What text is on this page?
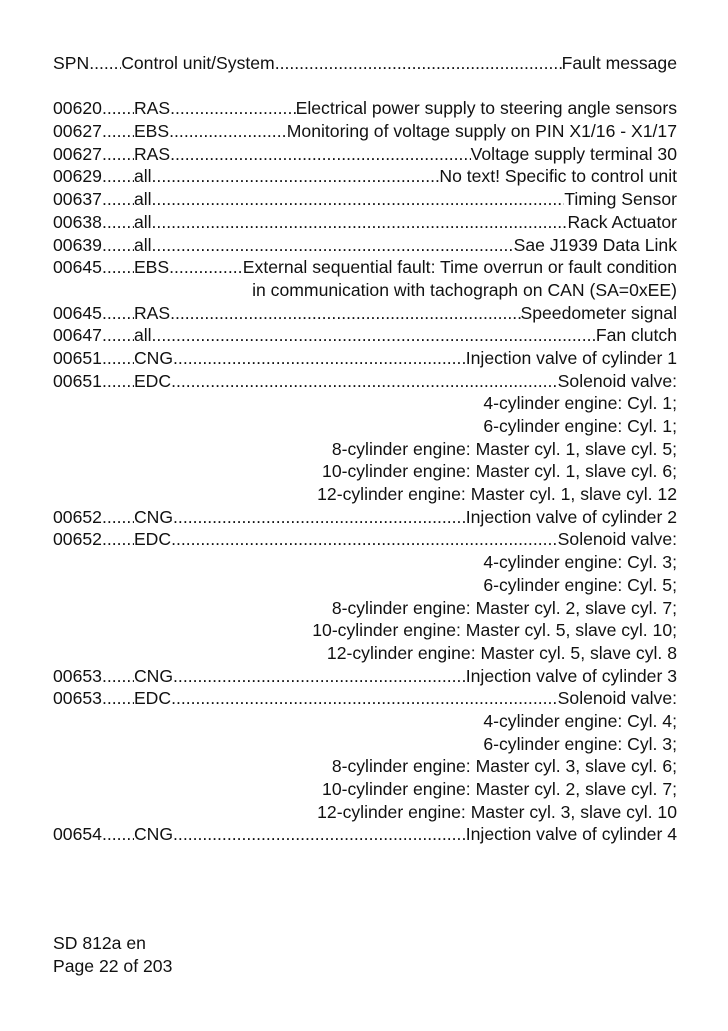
SPN ..... Control unit/System .....	Fault message
00620 ..... RAS .....	Electrical power supply to steering angle sensors
00627 ..... EBS .....	Monitoring of voltage supply on PIN X1/16 - X1/17
00627 ..... RAS .....	Voltage supply terminal 30
00629 ..... all .....	No text! Specific to control unit
00637 ..... all .....	Timing Sensor
00638 ..... all .....	Rack Actuator
00639 ..... all .....	Sae J1939 Data Link
00645 ..... EBS .....	External sequential fault: Time overrun or fault condition
in communication with tachograph on CAN (SA=0xEE)
00645 ..... RAS .....	Speedometer signal
00647 ..... all .....	Fan clutch
00651 ..... CNG .....	Injection valve of cylinder 1
00651 ..... EDC .....	Solenoid valve:
4-cylinder engine: Cyl. 1;
6-cylinder engine: Cyl. 1;
8-cylinder engine: Master cyl. 1, slave cyl. 5;
10-cylinder engine: Master cyl. 1, slave cyl. 6;
12-cylinder engine: Master cyl. 1, slave cyl. 12
00652 ..... CNG .....	Injection valve of cylinder 2
00652 ..... EDC .....	Solenoid valve:
4-cylinder engine: Cyl. 3;
6-cylinder engine: Cyl. 5;
8-cylinder engine: Master cyl. 2, slave cyl. 7;
10-cylinder engine: Master cyl. 5, slave cyl. 10;
12-cylinder engine: Master cyl. 5, slave cyl. 8
00653 ..... CNG .....	Injection valve of cylinder 3
00653 ..... EDC .....	Solenoid valve:
4-cylinder engine: Cyl. 4;
6-cylinder engine: Cyl. 3;
8-cylinder engine: Master cyl. 3, slave cyl. 6;
10-cylinder engine: Master cyl. 2, slave cyl. 7;
12-cylinder engine: Master cyl. 3, slave cyl. 10
00654 ..... CNG .....	Injection valve of cylinder 4
SD 812a en
Page 22 of 203
